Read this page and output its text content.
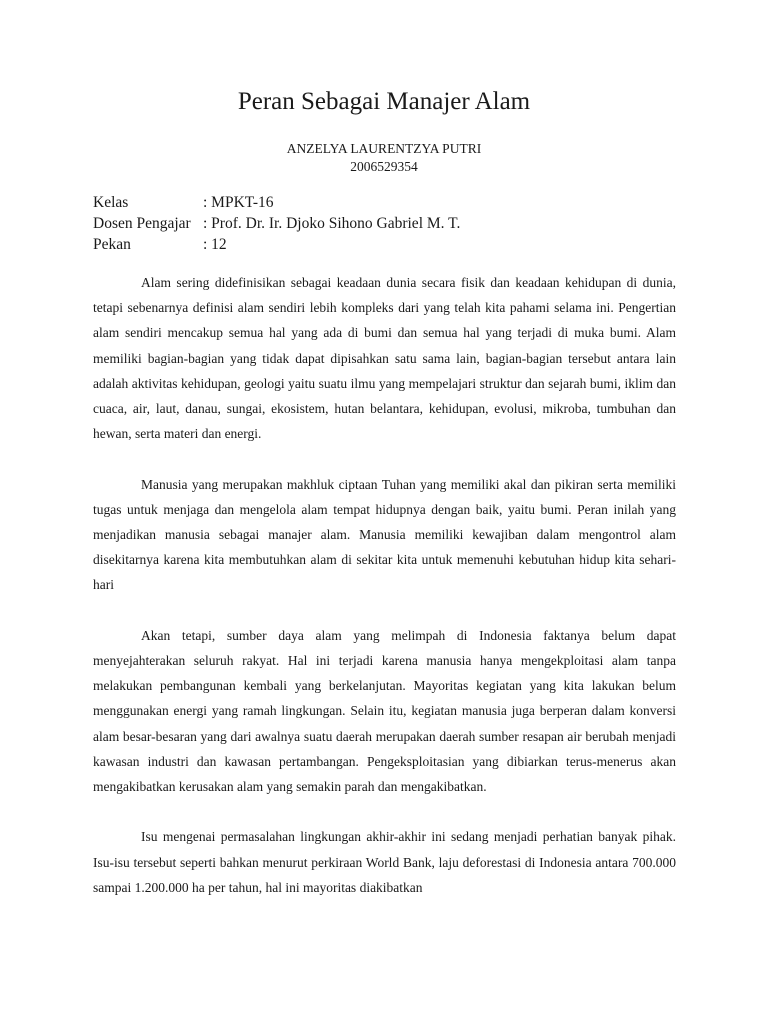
Peran Sebagai Manajer Alam
ANZELYA LAURENTZYA PUTRI
2006529354
Kelas	: MPKT-16
Dosen Pengajar : Prof. Dr. Ir. Djoko Sihono Gabriel M. T.
Pekan	: 12

Alam sering didefinisikan sebagai keadaan dunia secara fisik dan keadaan kehidupan di dunia, tetapi sebenarnya definisi alam sendiri lebih kompleks dari yang telah kita pahami selama ini. Pengertian alam sendiri mencakup semua hal yang ada di bumi dan semua hal yang terjadi di muka bumi. Alam memiliki bagian-bagian yang tidak dapat dipisahkan satu sama lain, bagian-bagian tersebut antara lain adalah aktivitas kehidupan, geologi yaitu suatu ilmu yang mempelajari struktur dan sejarah bumi, iklim dan cuaca, air, laut, danau, sungai, ekosistem, hutan belantara, kehidupan, evolusi, mikroba, tumbuhan dan hewan, serta materi dan energi.

Manusia yang merupakan makhluk ciptaan Tuhan yang memiliki akal dan pikiran serta memiliki tugas untuk menjaga dan mengelola alam tempat hidupnya dengan baik, yaitu bumi. Peran inilah yang menjadikan manusia sebagai manajer alam. Manusia memiliki kewajiban dalam mengontrol alam disekitarnya karena kita membutuhkan alam di sekitar kita untuk memenuhi kebutuhan hidup kita sehari-hari

Akan tetapi, sumber daya alam yang melimpah di Indonesia faktanya belum dapat menyejahterakan seluruh rakyat. Hal ini terjadi karena manusia hanya mengekploitasi alam tanpa melakukan pembangunan kembali yang berkelanjutan. Mayoritas kegiatan yang kita lakukan belum menggunakan energi yang ramah lingkungan. Selain itu, kegiatan manusia juga berperan dalam konversi alam besar-besaran yang dari awalnya suatu daerah merupakan daerah sumber resapan air berubah menjadi kawasan industri dan kawasan pertambangan. Pengeksploitasian yang dibiarkan terus-menerus akan mengakibatkan kerusakan alam yang semakin parah dan mengakibatkan.

Isu mengenai permasalahan lingkungan akhir-akhir ini sedang menjadi perhatian banyak pihak. Isu-isu tersebut seperti bahkan menurut perkiraan World Bank, laju deforestasi di Indonesia antara 700.000 sampai 1.200.000 ha per tahun, hal ini mayoritas diakibatkan
